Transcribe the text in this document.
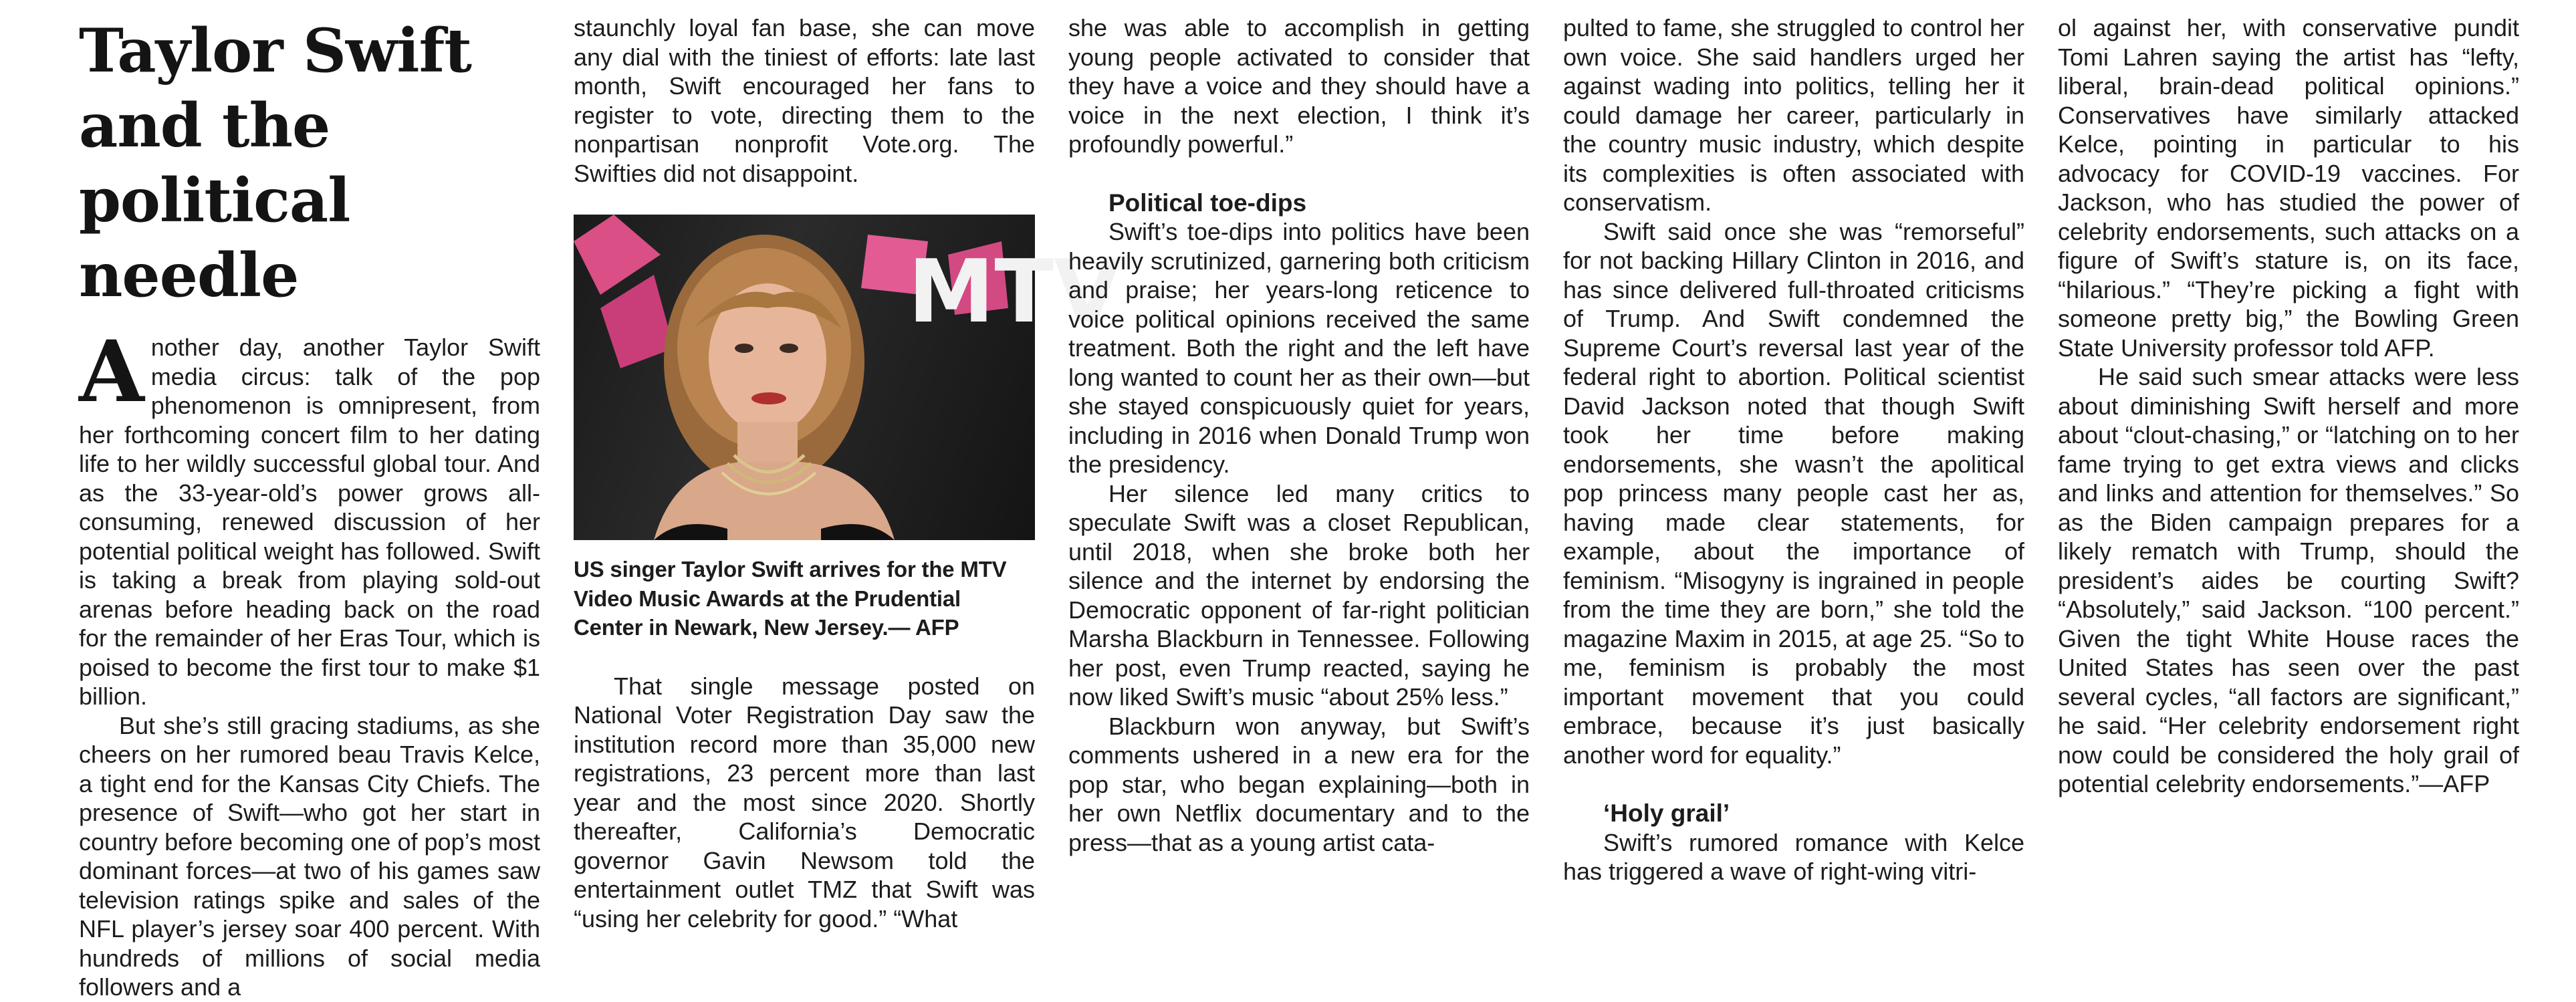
Taylor Swift
and the
political needle

Another day, another Taylor Swift media circus: talk of the pop phenomenon is omnipresent, from her forthcoming concert film to her dating life to her wildly successful global tour. And as the 33-year-old’s power grows all-consuming, renewed discussion of her potential political weight has followed. Swift is taking a break from playing sold-out arenas before heading back on the road for the remainder of her Eras Tour, which is poised to become the first tour to make $1 billion.

But she’s still gracing stadiums, as she cheers on her rumored beau Travis Kelce, a tight end for the Kansas City Chiefs. The presence of Swift—who got her start in country before becoming one of pop’s most dominant forces—at two of his games saw television ratings spike and sales of the NFL player’s jersey soar 400 percent. With hundreds of millions of social media followers and a

staunchly loyal fan base, she can move any dial with the tiniest of efforts: late last month, Swift encouraged her fans to register to vote, directing them to the nonpartisan nonprofit Vote.org. The Swifties did not disappoint.

MTV
US singer Taylor Swift arrives for the MTV Video Music Awards at the Prudential Center in Newark, New Jersey.— AFP

That single message posted on National Voter Registration Day saw the institution record more than 35,000 new registrations, 23 percent more than last year and the most since 2020. Shortly thereafter, California’s Democratic governor Gavin Newsom told the entertainment outlet TMZ that Swift was “using her celebrity for good.” “What

she was able to accomplish in getting young people activated to consider that they have a voice and they should have a voice in the next election, I think it’s profoundly powerful.”

Political toe-dips

Swift’s toe-dips into politics have been heavily scrutinized, garnering both criticism and praise; her years-long reticence to voice political opinions received the same treatment. Both the right and the left have long wanted to count her as their own—but she stayed conspicuously quiet for years, including in 2016 when Donald Trump won the presidency.

Her silence led many critics to speculate Swift was a closet Republican, until 2018, when she broke both her silence and the internet by endorsing the Democratic opponent of far-right politician Marsha Blackburn in Tennessee. Following her post, even Trump reacted, saying he now liked Swift’s music “about 25% less.”

Blackburn won anyway, but Swift’s comments ushered in a new era for the pop star, who began explaining—both in her own Netflix documentary and to the press—that as a young artist cata-

pulted to fame, she struggled to control her own voice. She said handlers urged her against wading into politics, telling her it could damage her career, particularly in the country music industry, which despite its complexities is often associated with conservatism.

Swift said once she was “remorseful” for not backing Hillary Clinton in 2016, and has since delivered full-throated criticisms of Trump. And Swift condemned the Supreme Court’s reversal last year of the federal right to abortion. Political scientist David Jackson noted that though Swift took her time before making endorsements, she wasn’t the apolitical pop princess many people cast her as, having made clear statements, for example, about the importance of feminism. “Misogyny is ingrained in people from the time they are born,” she told the magazine Maxim in 2015, at age 25. “So to me, feminism is probably the most important movement that you could embrace, because it’s just basically another word for equality.”

‘Holy grail’

Swift’s rumored romance with Kelce has triggered a wave of right-wing vitri-

ol against her, with conservative pundit Tomi Lahren saying the artist has “lefty, liberal, brain-dead political opinions.” Conservatives have similarly attacked Kelce, pointing in particular to his advocacy for COVID-19 vaccines. For Jackson, who has studied the power of celebrity endorsements, such attacks on a figure of Swift’s stature is, on its face, “hilarious.” “They’re picking a fight with someone pretty big,” the Bowling Green State University professor told AFP.

He said such smear attacks were less about diminishing Swift herself and more about “clout-chasing,” or “latching on to her fame trying to get extra views and clicks and links and attention for themselves.” So as the Biden campaign prepares for a likely rematch with Trump, should the president’s aides be courting Swift? “Absolutely,” said Jackson. “100 percent.” Given the tight White House races the United States has seen over the past several cycles, “all factors are significant,” he said. “Her celebrity endorsement right now could be considered the holy grail of potential celebrity endorsements.”—AFP
